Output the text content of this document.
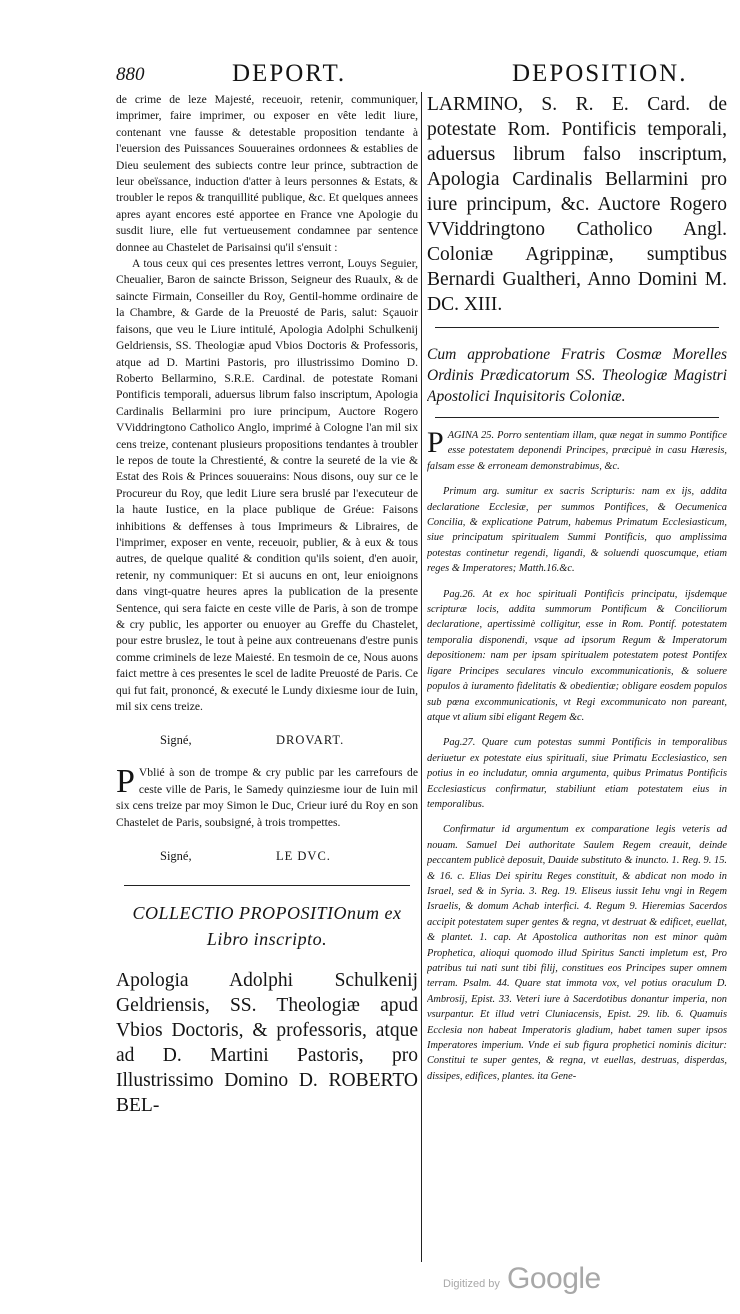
880	DEPORT.	DEPOSITION.

de crime de leze Majesté, receuoir, retenir, communiquer, imprimer, faire imprimer, ou exposer en vête ledit liure, contenant vne fausse & detestable proposition tendante à l'euersion des Puissances Souueraines ordonnees & establies de Dieu seulement des subiects contre leur prince, subtraction de leur obeïssance, induction d'atter à leurs personnes & Estats, & troubler le repos & tranquillité publique, &c. Et quelques annees apres ayant encores esté apportee en France vne Apologie du susdit liure, elle fut vertueusement condamnee par sentence donnee au Chastelet de Parisainsi qu'il s'ensuit :

A tous ceux qui ces presentes lettres verront, Louys Seguier, Cheualier, Baron de saincte Brisson, Seigneur des Ruaulx, & de saincte Firmain, Conseiller du Roy, Gentil-homme ordinaire de la Chambre, & Garde de la Preuosté de Paris, salut: Sçauoir faisons, que veu le Liure intitulé, Apologia Adolphi Schulkenij Geldriensis, SS. Theologiæ apud Vbios Doctoris & Professoris, atque ad D. Martini Pastoris, pro illustrissimo Domino D. Roberto Bellarmino, S.R.E. Cardinal. de potestate Romani Pontificis temporali, aduersus librum falso inscriptum, Apologia Cardinalis Bellarmini pro iure principum, Auctore Rogero VViddringtono Catholico Anglo, imprimé à Cologne l'an mil six cens treize, contenant plusieurs propositions tendantes à troubler le repos de toute la Chrestienté, & contre la seureté de la vie & Estat des Rois & Princes souuerains: Nous disons, ouy sur ce le Procureur du Roy, que ledit Liure sera bruslé par l'executeur de la haute Iustice, en la place publique de Gréue: Faisons inhibitions & deffenses à tous Imprimeurs & Libraires, de l'imprimer, exposer en vente, receuoir, publier, & à eux & tous autres, de quelque qualité & condition qu'ils soient, d'en auoir, retenir, ny communiquer: Et si aucuns en ont, leur enioignons dans vingt-quatre heures apres la publication de la presente Sentence, qui sera faicte en ceste ville de Paris, à son de trompe & cry public, les apporter ou enuoyer au Greffe du Chastelet, pour estre bruslez, le tout à peine aux contreuenans d'estre punis comme criminels de leze Maiesté. En tesmoin de ce, Nous auons faict mettre à ces presentes le scel de ladite Preuosté de Paris. Ce qui fut fait, prononcé, & executé le Lundy dixiesme iour de Iuin, mil six cens treize.

Signé,	DROVART.
P Vblié à son de trompe & cry public par les carrefours de ceste ville de Paris, le Samedy quinziesme iour de Iuin mil six cens treize par moy Simon le Duc, Crieur iuré du Roy en son Chastelet de Paris, soubsigné, à trois trompettes.

Signé,	LE DVC.
COLLECTIO PROPOSITIOnum ex Libro inscripto.

Apologia Adolphi Schulkenij Geldriensis, SS. Theologiæ apud Vbios Doctoris, & professoris, atque ad D. Martini Pastoris, pro Illustrissimo Domino D. ROBERTO BEL-

LARMINO, S. R. E. Card. de potestate Rom. Pontificis temporali, aduersus librum falso inscriptum, Apologia Cardinalis Bellarmini pro iure principum, &c. Auctore Rogero VViddringtono Catholico Angl. Coloniæ Agrippinæ, sumptibus Bernardi Gualtheri, Anno Domini M. DC. XIII.

Cum approbatione Fratris Cosmæ Morelles Ordinis Prædicatorum SS. Theologiæ Magistri Apostolici Inquisitoris Coloniæ.

P AGINA 25. Porro sententiam illam, quæ negat in summo Pontifice esse potestatem deponendi Principes, præcipuè in casu Hæresis, falsam esse & erroneam demonstrabimus, &c.

Primum arg. sumitur ex sacris Scripturis: nam ex ijs, addita declaratione Ecclesiæ, per summos Pontifices, & Oecumenica Concilia, & explicatione Patrum, habemus Primatum Ecclesiasticum, siue principatum spiritualem Summi Pontificis, quo amplissima potestas continetur regendi, ligandi, & soluendi quoscumque, etiam reges & Imperatores; Matth.16.&c.

Pag.26. At ex hoc spirituali Pontificis principatu, ijsdemque scripturæ locis, addita summorum Pontificum & Conciliorum declaratione, apertissimè colligitur, esse in Rom. Pontif. potestatem temporalia disponendi, vsque ad ipsorum Regum & Imperatorum depositionem: nam per ipsam spiritualem potestatem potest Pontifex ligare Principes seculares vinculo excommunicationis, & soluere populos à iuramento fidelitatis & obedientiæ; obligare eosdem populos sub pœna excommunicationis, vt Regi excommunicato non pareant, atque vt alium sibi eligant Regem &c.

Pag.27. Quare cum potestas summi Pontificis in temporalibus deriuetur ex potestate eius spirituali, siue Primatu Ecclesiastico, sen potius in eo includatur, omnia argumenta, quibus Primatus Pontificis Ecclesiasticus confirmatur, stabiliunt etiam potestatem eius in temporalibus.

Confirmatur id argumentum ex comparatione legis veteris ad nouam. Samuel Dei authoritate Saulem Regem creauit, deinde peccantem publicè deposuit, Dauide substituto & inuncto. 1. Reg. 9. 15. & 16. c. Elias Dei spiritu Reges constituit, & abdicat non modo in Israel, sed & in Syria. 3. Reg. 19. Eliseus iussit Iehu vngi in Regem Israelis, & domum Achab interfici. 4. Regum 9. Hieremias Sacerdos accipit potestatem super gentes & regna, vt destruat & edificet, euellat, & plantet. 1. cap. At Apostolica authoritas non est minor quàm Prophetica, alioqui quomodo illud Spiritus Sancti impletum est, Pro patribus tui nati sunt tibi filij, constitues eos Principes super omnem terram. Psalm. 44. Quare stat immota vox, vel potius oraculum D. Ambrosij, Epist. 33. Veteri iure à Sacerdotibus donantur imperia, non vsurpantur. Et illud vetri Cluniacensis, Epist. 29. lib. 6. Quamuis Ecclesia non habeat Imperatoris gladium, habet tamen super ipsos Imperatores imperium. Vnde ei sub figura prophetici nominis dicitur: Constitui te super gentes, & regna, vt euellas, destruas, disperdas, dissipes, edifices, plantes. ita Gene-

Digitized by Google
